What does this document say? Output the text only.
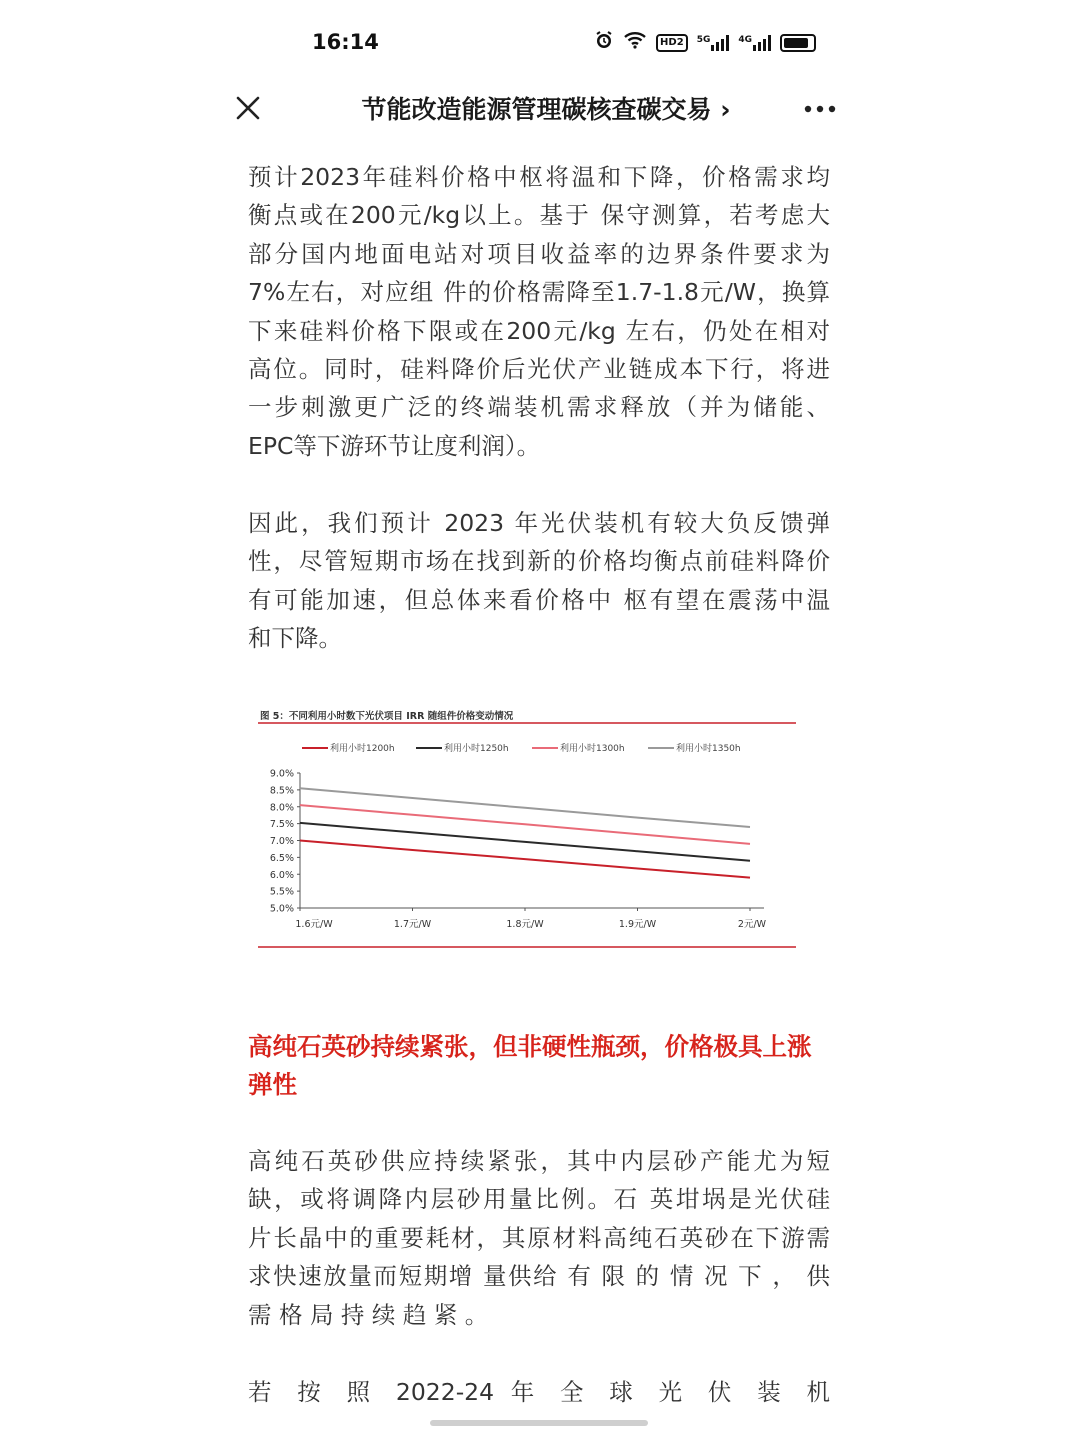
16:14	HD2	5G	4G
节能改造能源管理碳核查碳交易 ›

预计2023年硅料价格中枢将温和下降，价格需求均
衡点或在200元/kg以上。基于 保守测算，若考虑大
部分国内地面电站对项目收益率的边界条件要求为
7%左右，对应组 件的价格需降至1.7-1.8元/W，换算
下来硅料价格下限或在200元/kg 左右，仍处在相对
高位。同时，硅料降价后光伏产业链成本下行，将进
一步刺激更广泛的终端装机需求释放（并为储能、
EPC等下游环节让度利润）。

因此，我们预计 2023 年光伏装机有较大负反馈弹
性，尽管短期市场在找到新的价格均衡点前硅料降价
有可能加速，但总体来看价格中 枢有望在震荡中温
和下降。

高纯石英砂持续紧张，但非硬性瓶颈，价格极具上涨
弹性

高纯石英砂供应持续紧张，其中内层砂产能尤为短
缺，或将调降内层砂用量比例。石 英坩埚是光伏硅
片长晶中的重要耗材，其原材料高纯石英砂在下游需
求快速放量而短期增 量供给 有 限 的 情 况 下 ， 供
需 格 局 持 续 趋 紧 。

若 按 照 2022-24 年 全 球 光 伏 装 机

图 5：不同利用小时数下光伏项目 IRR 随组件价格变动情况
利用小时1200h	利用小时1250h	利用小时1300h	利用小时1350h
9.0%
8.5%
8.0%
7.5%
7.0%
6.5%
6.0%
5.5%
5.0%
1.6元/W	1.7元/W	1.8元/W	1.9元/W	2元/W
